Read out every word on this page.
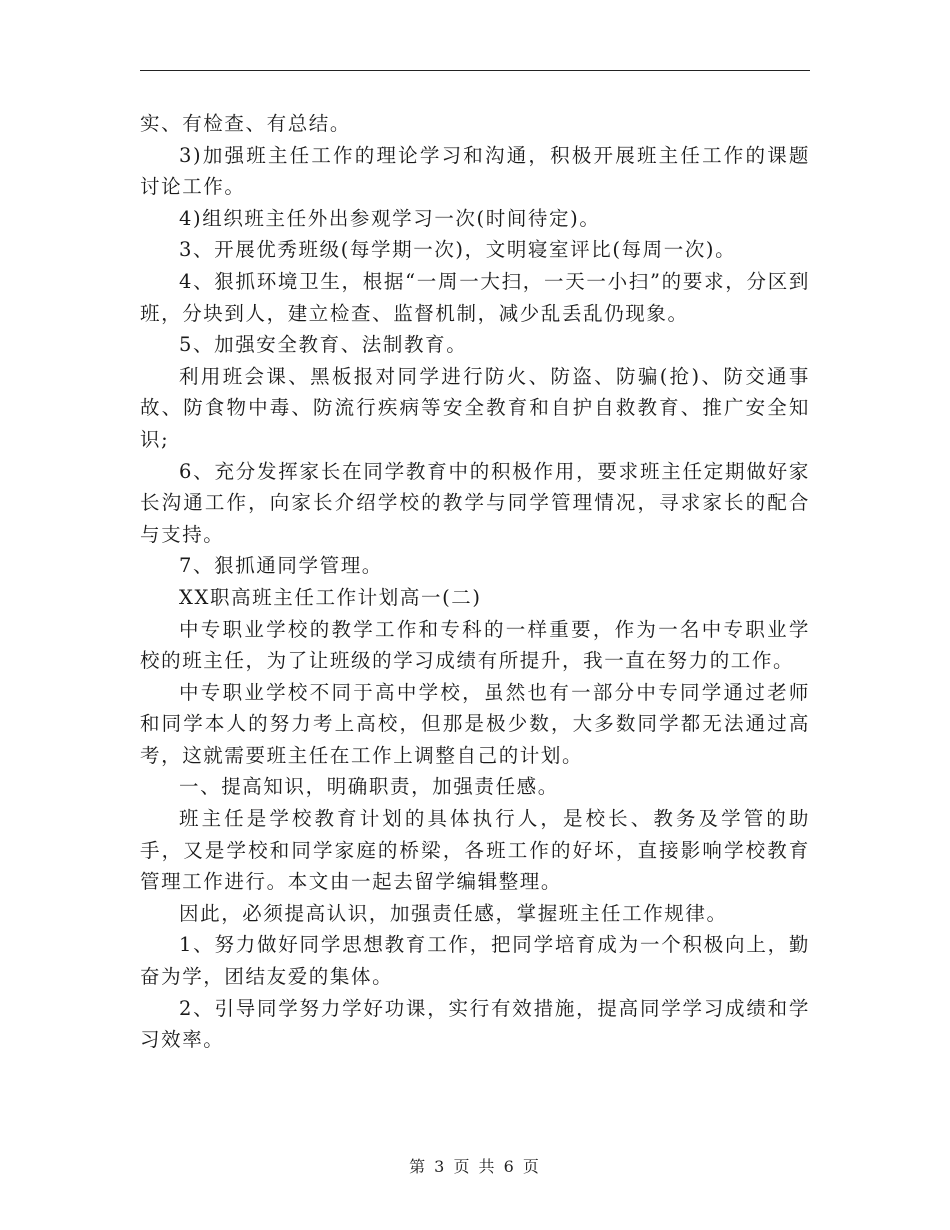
实、有检查、有总结。

3)加强班主任工作的理论学习和沟通，积极开展班主任工作的课题讨论工作。

4)组织班主任外出参观学习一次(时间待定)。

3、开展优秀班级(每学期一次)，文明寝室评比(每周一次)。

4、狠抓环境卫生，根据“一周一大扫，一天一小扫”的要求，分区到班，分块到人，建立检查、监督机制，减少乱丢乱仍现象。

5、加强安全教育、法制教育。

利用班会课、黑板报对同学进行防火、防盗、防骗(抢)、防交通事故、防食物中毒、防流行疾病等安全教育和自护自救教育、推广安全知识;

6、充分发挥家长在同学教育中的积极作用，要求班主任定期做好家长沟通工作，向家长介绍学校的教学与同学管理情况，寻求家长的配合与支持。

7、狠抓通同学管理。

XX职高班主任工作计划高一(二)

中专职业学校的教学工作和专科的一样重要，作为一名中专职业学校的班主任，为了让班级的学习成绩有所提升，我一直在努力的工作。

中专职业学校不同于高中学校，虽然也有一部分中专同学通过老师和同学本人的努力考上高校，但那是极少数，大多数同学都无法通过高考，这就需要班主任在工作上调整自己的计划。

一、提高知识，明确职责，加强责任感。

班主任是学校教育计划的具体执行人，是校长、教务及学管的助手，又是学校和同学家庭的桥梁，各班工作的好坏，直接影响学校教育管理工作进行。本文由一起去留学编辑整理。

因此，必须提高认识，加强责任感，掌握班主任工作规律。

1、努力做好同学思想教育工作，把同学培育成为一个积极向上，勤奋为学，团结友爱的集体。

2、引导同学努力学好功课，实行有效措施，提高同学学习成绩和学习效率。

第 3 页 共 6 页
